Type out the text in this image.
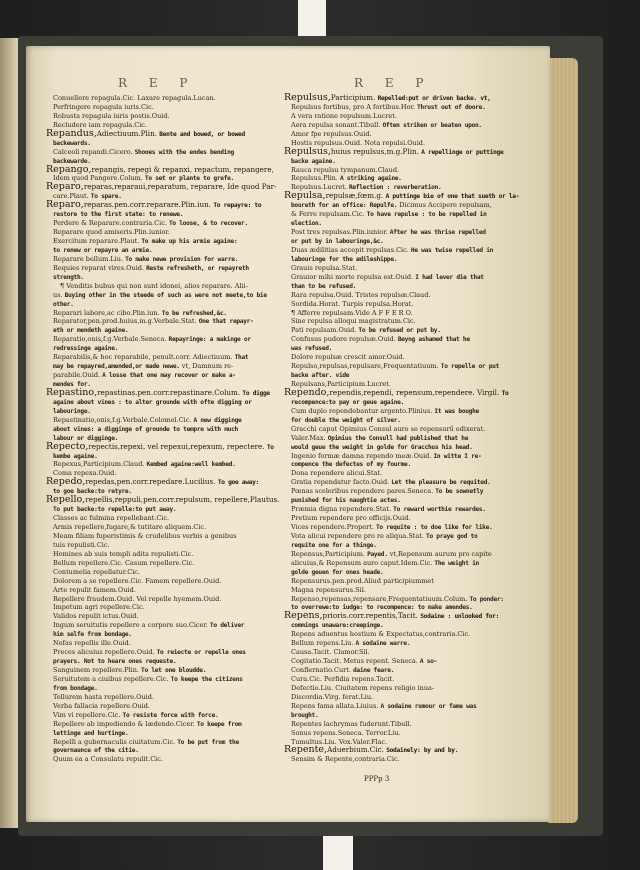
R E P	R E P
Conuellere repagula.Cic. Laxare repagula.Lucan.
Perfringere repagula iuris.Cic.
Robusta repagula iuris postis.Ouid.
Recludere iam repagula.Cic.
Repandus,Adiectiuum.Plin. Bente and bowed, or bowed
backewards.
Calceoli repandi.Cicero. Shooes with the endes bending
backewarde.
Repango,repangis, repegi & repanxi, repactum, repangere,
Idem quod Pangere.Colum. To set or plante to grefe.
Reparo,reparas,reparaui,reparatum, reparare, Ide quod Par-
care.Plaut. To spare.
Reparo,reparas.pen.corr.reparare.Plin.iun. To repayre: to
restore to the first state: to renewe.
Perdere & Reparare.contraria.Cic. To loose, & to recover.
Reparare quod amiseris.Plin.iunior.
Exercitum reparare.Plaut. To make up his armie againe:
to renew or repayre an armie.
Reparare bellum.Liu. To make newe provision for warre.
Requies reparat vires.Ouid. Reste refresheth, or repayreth
strength.
¶ Venditis bubus qui non sunt idonei, alios reparare. Alii-
us. Buying other in the steede of such as were not meete,to bie
other.
Reparari labore,ac cibo.Plin.iun. To be refreshed,&c.
Reparator,pen.prod.huius,m.g.Verbale.Stat. One that repayr-
eth or mendeth againe.
Reparatio,onis,f.g.Verbale.Seneca. Repayringe: a makinge or
redressinge againe.
Reparabilis,& hoc reparabile, penult.corr. Adiectiuum. That
may be repayred,amended,or made newe. vt, Damnum re-
parabile.Ouid. A losse that one may recover or make a-
mendes for.
Repastino,repastinas.pen.corr.repastinare.Colum. To digge
againe about vines : to alter grounde with ofte digging or
labouringe.
Repastinatio,onis,f.g.Verbale.Colomel.Cic. A new digginge
about vines: a digginge of grounde to tempre with much
labour or digginge.
Repecto,repectis,repexi, vel repexui,repexum, repectere. To
kembe againe.
Repexus,Participium.Claud. Kembed againe:well kembed.
Coma repexa.Ouid.
Repedo,repedas,pen.corr.repedare.Lucilius. To goe away:
to goe backe:to retyre.
Repello,repellis,reppuli,pen.corr.repulsum, repellere,Plautus.
To put backe:to repelle:to put away.
Classes ac fulmina repellebant.Cic.
Armis repellere,fugare,& tutitare aliquem.Cic.
Meam filiam fuperistimis & crudelibus verbis a genibus
tuis repulisti.Cic.
Homines ab suis templi adita repulisti.Cic.
Bellum repellere.Cic. Casum repellere.Cic.
Contumelia repellatur.Cic.
Dolorem a se repellere.Cic. Famem repellere.Ouid.
Arte repulit famem.Ouid.
Repellere fraudem.Ouid. Vel repelle hyemem.Ouid.
Impetum agri repellere.Cic.
Validos repulit ictus.Ouid.
Ingum seruitutis repellere a corpore suo.Cicer. To deliver
him selfe from bondage.
Nefas repellis ille.Ouid.
Preces alicuius repellere.Ouid. To reiecte or repelle ones
prayers. Not to heare ones requeste.
Sanguinem repellere.Plin. To let one bloudde.
Seruitutem a ciuibus repellere.Cic. To keepe the citizens
from bondage.
Tellurem hasta repellere.Ouid.
Verba fallacia repellere.Ouid.
Vim vi repellere.Cic. To resiste force with force.
Repellere ab impediendo & lædendo.Cicer. To keepe from
lettinge and hurtinge.
Repelli a gubernaculis ciuitatum.Cic. To be put from the
governaunce of the citie.
Quum ea a Consulatu repulit.Cic.
Repulsus,Participium. Repelled:put or driven backe. vt,
Repulsus fortibus, pro A fortibus.Hor. Thrust out of doore.
A vera ratione repulsum.Lucret.
Aera repulsa sonant.Tibull. Often striken or beaten upon.
Amor fpe repulsus.Ouid.
Hostis repulsus.Ouid. Nota repulsi.Ouid.
Repulsus,huius repulsus,m.g.Plin. A repellinge or puttinge
backe againe.
Rauca repulsu tympanum.Claud.
Repulsus.Plin. A striking againe.
Repulsus.Lucret. Reflection : reverberation.
Repulsa,repulsæ,fœm.g. A puttinge bie of one that sueth or la-
boureth for an office: Repulfe. Dicimus Accipere repulsam,
& Ferre repulsam.Cic. To have repulse : to be repelled in
election.
Post tres repulsas.Plin.iunior. After he was thrise repelled
or put by in labouringe,&c.
Duas ædilitias accepit repulsas.Cic. He was twise repelled in
labouringe for the ædileshippe.
Grauis repulsa.Stat.
Grauior mihi morte repulsa est.Ouid. I had lever die that
than to be refused.
Rara repulsa.Ouid. Tristes repulsæ.Claud.
Sordida.Horat. Turpis repulsa.Horat.
¶ Afferre repulsam.Vide A F F E R O.
Sine repulsa alloqui magistratum.Cic.
Pati repulsam.Ouid. To be refused or put by.
Confusus pudore repulsæ.Ouid. Beyng ashamed that he
was refused.
Dolore repulsæ crescit amor.Ouid.
Repulso,repulsas,repulsare,Frequentatiuum. To repelle or put
backe after. vide
Repulsans,Participium.Lucret.
Rependo,rependis,rependi, repensum,rependere. Virgil. To
recompence:to pay or geue againe.
Cum duplo rependebantur argento.Plinius. It was boughe
for double the weight of silver.
Gracchi caput Opimius Consul auro se repensurű edixerat.
Valer.Max. Opimius the Consull had published that he
would geue the weight in golde for Gracchus his head.
Ingenio formæ damna rependo meæ.Ouid. In witte I re-
compence the defectes of my fourme.
Dona rependere alicui.Stat.
Gratia rependatur facto.Ouid. Let the pleasure be requited.
Pœnas sceleribus rependere pares.Seneca. To be sownetly
punished for his naughtie actes.
Præmia digna rependere.Stat. To reward worthie rewardes.
Pretium rependere pro officijs.Ouid.
Vices rependere.Propert. To requite : to doe like for like.
Vota alicui rependere pro re aliqua.Stat. To praye god to
requite one for a thinge.
Repensus,Participium. Payed. vt,Repensum aurum pro capite
alicuius,& Repensum auro caput.Idem.Cic. The weight in
golde geuen for ones heade.
Repensurus.pen.prod.Aliud participiummet
Magna repensurus.Sil.
Repenso,repensas,repensare,Frequentatiuum.Colum. To ponder:
to overrewe:to iudge: to recompence: to make amendes.
Repens,prioris.corr.repentis,Tacit. Sodaine : unlooked for:
commings unaware:creepinge.
Repens aduentus hostium & Expectatus,contraria.Cic.
Bellum repens.Liu. A sodaine warre.
Causa.Tacit. Clamor.Sil.
Cogitatio.Tacit. Metus repent. Seneca. A so-
Conflernatio.Curt. daine feare.
Cura.Cic. Perfidia repens.Tacit.
Defectio.Liu. Ciuitatem repens religio inua-
Discordia.Virg. ferat.Liu.
Repens fama allata.Liuius. A sodaine rumour or fame was
brought.
Repentes lachrymas fuderunt.Tibull.
Sonus repens.Seneca. Terror.Liu.
Tumultus.Liu. Vox.Valer.Flac.
Repente,Aduerbium.Cic. Sodainely: by and by.
Sensim & Repente,contraria.Cic.
PPPp 3
